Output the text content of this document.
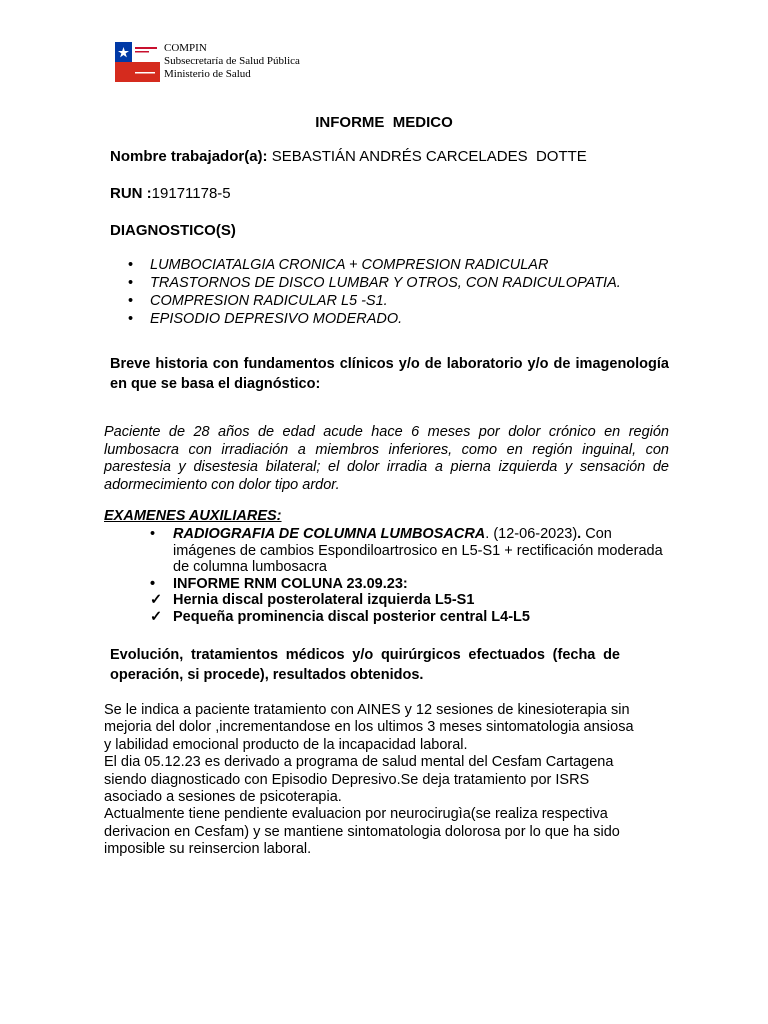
COMPIN
Subsecretaría de Salud Pública
Ministerio de Salud
INFORME  MEDICO
Nombre trabajador(a): SEBASTIÁN ANDRÉS CARCELADES  DOTTE
RUN :19171178-5
DIAGNOSTICO(S)
• LUMBOCIATALGIA CRONICA + COMPRESION RADICULAR
• TRASTORNOS DE DISCO LUMBAR Y OTROS, CON RADICULOPATIA.
• COMPRESION RADICULAR L5 -S1.
• EPISODIO DEPRESIVO MODERADO.
Breve historia con fundamentos clínicos y/o de laboratorio y/o de imagenología en que se basa el diagnóstico:
Paciente de 28 años de edad acude hace 6 meses por dolor crónico en región lumbosacra con irradiación a miembros inferiores, como en región inguinal, con parestesia y disestesia bilateral; el dolor irradia a pierna izquierda y sensación de adormecimiento con dolor tipo ardor.
EXAMENES AUXILIARES:
• RADIOGRAFIA DE COLUMNA LUMBOSACRA. (12-06-2023). Con imágenes de cambios Espondiloartrosico en L5-S1 + rectificación moderada de columna lumbosacra
• INFORME RNM COLUNA 23.09.23:
✓ Hernia discal posterolateral izquierda L5-S1
✓ Pequeña prominencia discal posterior central L4-L5
Evolución, tratamientos médicos y/o quirúrgicos efectuados (fecha de operación, si procede), resultados obtenidos.
Se le indica a paciente tratamiento con AINES y 12 sesiones de kinesioterapia sin
mejoria del dolor ,incrementandose en los ultimos 3 meses sintomatologia ansiosa
y labilidad emocional producto de la incapacidad laboral.
El dia 05.12.23 es derivado a programa de salud mental del Cesfam Cartagena
siendo diagnosticado con Episodio Depresivo.Se deja tratamiento por ISRS
asociado a sesiones de psicoterapia.
Actualmente tiene pendiente evaluacion por neurocirugìa(se realiza respectiva
derivacion en Cesfam) y se mantiene sintomatologia dolorosa por lo que ha sido
imposible su reinsercion laboral.
